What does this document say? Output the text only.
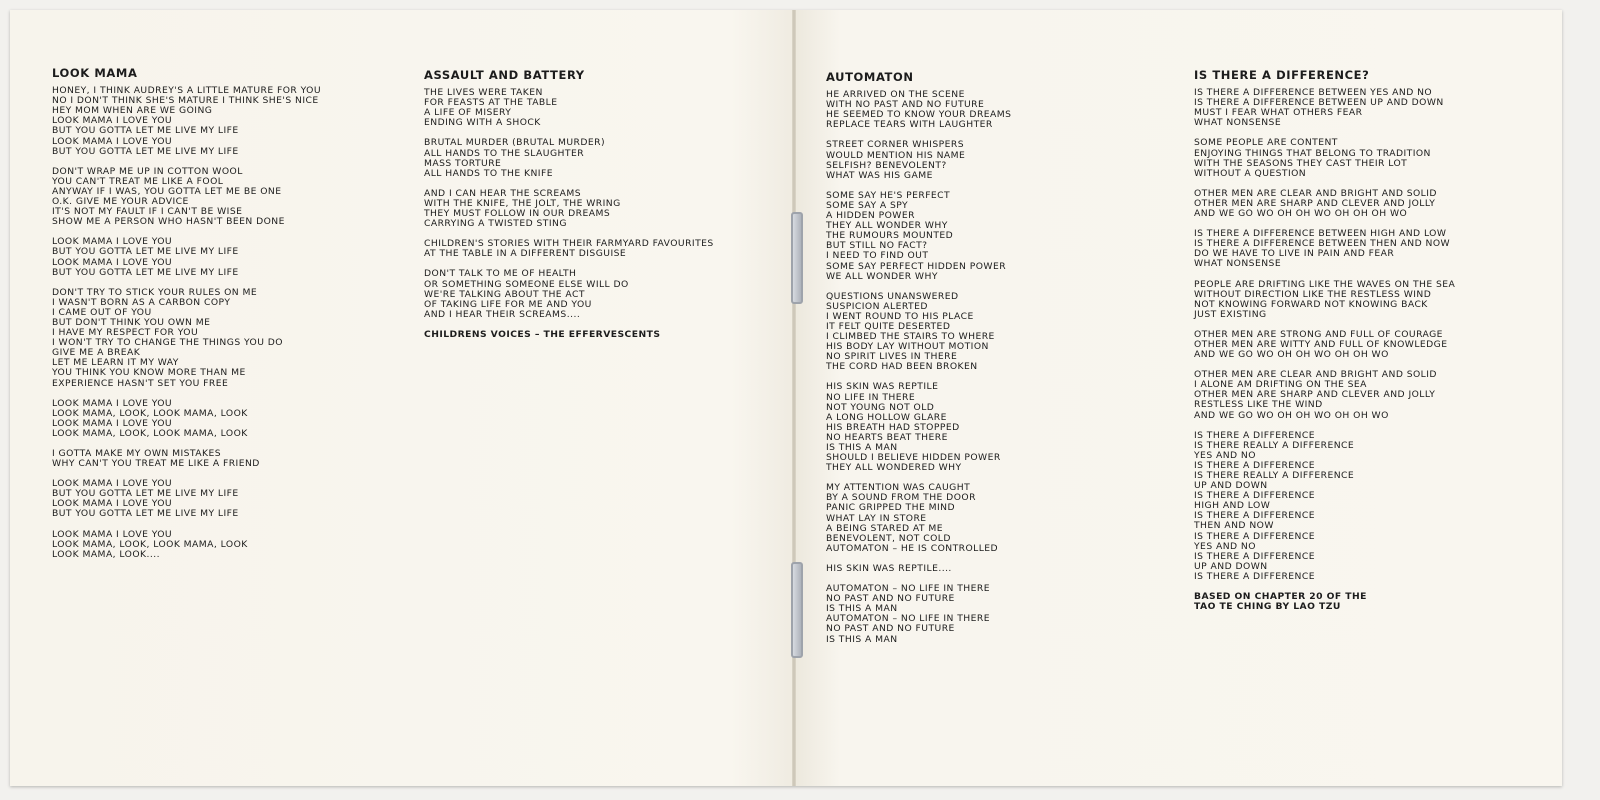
LOOK MAMA
HONEY, I THINK AUDREY'S A LITTLE MATURE FOR YOU
NO I DON'T THINK SHE'S MATURE I THINK SHE'S NICE
HEY MOM WHEN ARE WE GOING
LOOK MAMA I LOVE YOU
BUT YOU GOTTA LET ME LIVE MY LIFE
LOOK MAMA I LOVE YOU
BUT YOU GOTTA LET ME LIVE MY LIFE
DON'T WRAP ME UP IN COTTON WOOL
YOU CAN'T TREAT ME LIKE A FOOL
ANYWAY IF I WAS, YOU GOTTA LET ME BE ONE
O.K. GIVE ME YOUR ADVICE
IT'S NOT MY FAULT IF I CAN'T BE WISE
SHOW ME A PERSON WHO HASN'T BEEN DONE
LOOK MAMA I LOVE YOU
BUT YOU GOTTA LET ME LIVE MY LIFE
LOOK MAMA I LOVE YOU
BUT YOU GOTTA LET ME LIVE MY LIFE
DON'T TRY TO STICK YOUR RULES ON ME
I WASN'T BORN AS A CARBON COPY
I CAME OUT OF YOU
BUT DON'T THINK YOU OWN ME
I HAVE MY RESPECT FOR YOU
I WON'T TRY TO CHANGE THE THINGS YOU DO
GIVE ME A BREAK
LET ME LEARN IT MY WAY
YOU THINK YOU KNOW MORE THAN ME
EXPERIENCE HASN'T SET YOU FREE
LOOK MAMA I LOVE YOU
LOOK MAMA, LOOK, LOOK MAMA, LOOK
LOOK MAMA I LOVE YOU
LOOK MAMA, LOOK, LOOK MAMA, LOOK
I GOTTA MAKE MY OWN MISTAKES
WHY CAN'T YOU TREAT ME LIKE A FRIEND
LOOK MAMA I LOVE YOU
BUT YOU GOTTA LET ME LIVE MY LIFE
LOOK MAMA I LOVE YOU
BUT YOU GOTTA LET ME LIVE MY LIFE
LOOK MAMA I LOVE YOU
LOOK MAMA, LOOK, LOOK MAMA, LOOK
LOOK MAMA, LOOK....
ASSAULT AND BATTERY
THE LIVES WERE TAKEN
FOR FEASTS AT THE TABLE
A LIFE OF MISERY
ENDING WITH A SHOCK
BRUTAL MURDER (BRUTAL MURDER)
ALL HANDS TO THE SLAUGHTER
MASS TORTURE
ALL HANDS TO THE KNIFE
AND I CAN HEAR THE SCREAMS
WITH THE KNIFE, THE JOLT, THE WRING
THEY MUST FOLLOW IN OUR DREAMS
CARRYING A TWISTED STING
CHILDREN'S STORIES WITH THEIR FARMYARD FAVOURITES
AT THE TABLE IN A DIFFERENT DISGUISE
DON'T TALK TO ME OF HEALTH
OR SOMETHING SOMEONE ELSE WILL DO
WE'RE TALKING ABOUT THE ACT
OF TAKING LIFE FOR ME AND YOU
AND I HEAR THEIR SCREAMS....
CHILDRENS VOICES – THE EFFERVESCENTS
AUTOMATON
HE ARRIVED ON THE SCENE
WITH NO PAST AND NO FUTURE
HE SEEMED TO KNOW YOUR DREAMS
REPLACE TEARS WITH LAUGHTER
STREET CORNER WHISPERS
WOULD MENTION HIS NAME
SELFISH? BENEVOLENT?
WHAT WAS HIS GAME
SOME SAY HE'S PERFECT
SOME SAY A SPY
A HIDDEN POWER
THEY ALL WONDER WHY
THE RUMOURS MOUNTED
BUT STILL NO FACT?
I NEED TO FIND OUT
SOME SAY PERFECT HIDDEN POWER
WE ALL WONDER WHY
QUESTIONS UNANSWERED
SUSPICION ALERTED
I WENT ROUND TO HIS PLACE
IT FELT QUITE DESERTED
I CLIMBED THE STAIRS TO WHERE
HIS BODY LAY WITHOUT MOTION
NO SPIRIT LIVES IN THERE
THE CORD HAD BEEN BROKEN
HIS SKIN WAS REPTILE
NO LIFE IN THERE
NOT YOUNG NOT OLD
A LONG HOLLOW GLARE
HIS BREATH HAD STOPPED
NO HEARTS BEAT THERE
IS THIS A MAN
SHOULD I BELIEVE HIDDEN POWER
THEY ALL WONDERED WHY
MY ATTENTION WAS CAUGHT
BY A SOUND FROM THE DOOR
PANIC GRIPPED THE MIND
WHAT LAY IN STORE
A BEING STARED AT ME
BENEVOLENT, NOT COLD
AUTOMATON – HE IS CONTROLLED
HIS SKIN WAS REPTILE....
AUTOMATON – NO LIFE IN THERE
NO PAST AND NO FUTURE
IS THIS A MAN
AUTOMATON – NO LIFE IN THERE
NO PAST AND NO FUTURE
IS THIS A MAN
IS THERE A DIFFERENCE?
IS THERE A DIFFERENCE BETWEEN YES AND NO
IS THERE A DIFFERENCE BETWEEN UP AND DOWN
MUST I FEAR WHAT OTHERS FEAR
WHAT NONSENSE
SOME PEOPLE ARE CONTENT
ENJOYING THINGS THAT BELONG TO TRADITION
WITH THE SEASONS THEY CAST THEIR LOT
WITHOUT A QUESTION
OTHER MEN ARE CLEAR AND BRIGHT AND SOLID
OTHER MEN ARE SHARP AND CLEVER AND JOLLY
AND WE GO WO OH OH WO OH OH OH WO
IS THERE A DIFFERENCE BETWEEN HIGH AND LOW
IS THERE A DIFFERENCE BETWEEN THEN AND NOW
DO WE HAVE TO LIVE IN PAIN AND FEAR
WHAT NONSENSE
PEOPLE ARE DRIFTING LIKE THE WAVES ON THE SEA
WITHOUT DIRECTION LIKE THE RESTLESS WIND
NOT KNOWING FORWARD NOT KNOWING BACK
JUST EXISTING
OTHER MEN ARE STRONG AND FULL OF COURAGE
OTHER MEN ARE WITTY AND FULL OF KNOWLEDGE
AND WE GO WO OH OH WO OH OH WO
OTHER MEN ARE CLEAR AND BRIGHT AND SOLID
I ALONE AM DRIFTING ON THE SEA
OTHER MEN ARE SHARP AND CLEVER AND JOLLY
RESTLESS LIKE THE WIND
AND WE GO WO OH OH WO OH OH WO
IS THERE A DIFFERENCE
IS THERE REALLY A DIFFERENCE
YES AND NO
IS THERE A DIFFERENCE
IS THERE REALLY A DIFFERENCE
UP AND DOWN
IS THERE A DIFFERENCE
HIGH AND LOW
IS THERE A DIFFERENCE
THEN AND NOW
IS THERE A DIFFERENCE
YES AND NO
IS THERE A DIFFERENCE
UP AND DOWN
IS THERE A DIFFERENCE
BASED ON CHAPTER 20 OF THE
TAO TE CHING BY LAO TZU
